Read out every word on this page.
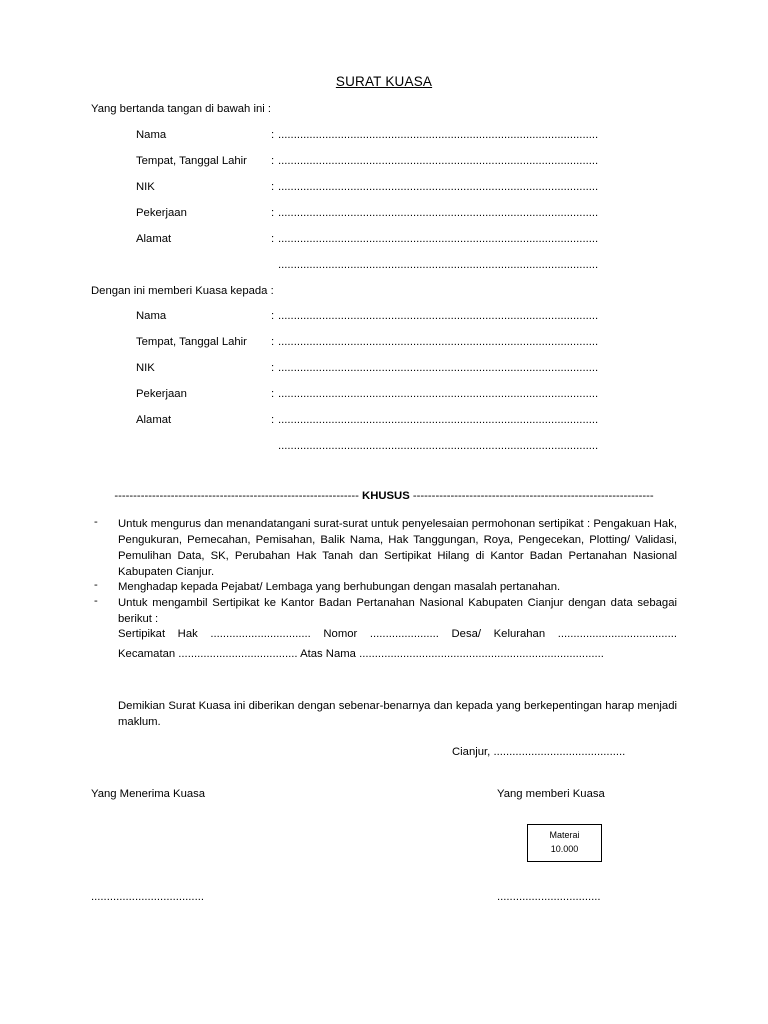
SURAT KUASA
Yang bertanda tangan di bawah ini :
Nama	: ......................................................................................................
Tempat, Tanggal Lahir : ......................................................................................................
NIK	: ......................................................................................................
Pekerjaan	: ......................................................................................................
Alamat	: ......................................................................................................
......................................................................................................
Dengan ini memberi Kuasa kepada :
Nama	: ......................................................................................................
Tempat, Tanggal Lahir : ......................................................................................................
NIK	: ......................................................................................................
Pekerjaan	: ......................................................................................................
Alamat	: ......................................................................................................
......................................................................................................
----------------------------------------------------------------- KHUSUS ----------------------------------------------------------------
- Untuk mengurus dan menandatangani surat-surat untuk penyelesaian permohonan sertipikat : Pengakuan Hak, Pengukuran, Pemecahan, Pemisahan, Balik Nama, Hak Tanggungan, Roya, Pengecekan, Plotting/ Validasi, Pemulihan Data, SK, Perubahan Hak Tanah dan Sertipikat Hilang di Kantor Badan Pertanahan Nasional Kabupaten Cianjur.
- Menghadap kepada Pejabat/ Lembaga yang berhubungan dengan masalah pertanahan.
- Untuk mengambil Sertipikat ke Kantor Badan Pertanahan Nasional Kabupaten Cianjur dengan data sebagai berikut :
Sertipikat Hak ................................ Nomor ...................... Desa/ Kelurahan ......................................
Kecamatan ...................................... Atas Nama ..............................................................................
Demikian Surat Kuasa ini diberikan dengan sebenar-benarnya dan kepada yang berkepentingan harap menjadi maklum.
Cianjur, ..........................................
Yang Menerima Kuasa	Yang memberi Kuasa
Materai
10.000
....................................	.................................
